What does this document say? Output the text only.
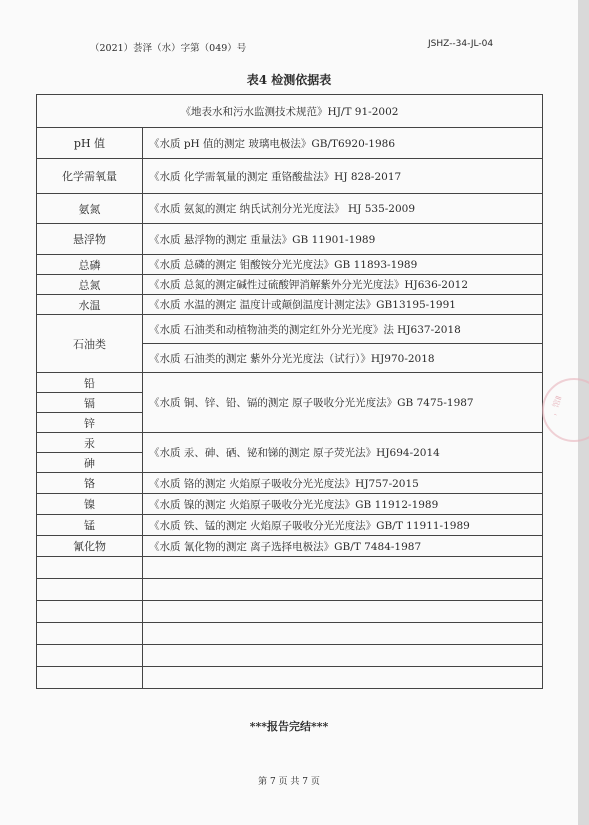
（2021）荟泽（水）字第（049）号	JSHZ--34-JL-04
表4 检测依据表
《地表水和污水监测技术规范》HJ/T 91-2002	
pH 值	《水质 pH 值的测定 玻璃电极法》GB/T6920-1986
化学需氧量	《水质 化学需氧量的测定 重铬酸盐法》HJ 828-2017
氨氮	《水质 氨氮的测定 纳氏试剂分光光度法》 HJ 535-2009
悬浮物	《水质 悬浮物的测定 重量法》GB 11901-1989
总磷	《水质 总磷的测定 钼酸铵分光光度法》GB 11893-1989
总氮	《水质 总氮的测定碱性过硫酸钾消解紫外分光光度法》HJ636-2012
水温	《水质 水温的测定 温度计或颠倒温度计测定法》GB13195-1991
石油类	《水质 石油类和动植物油类的测定红外分光光度》法 HJ637-2018
	《水质 石油类的测定 紫外分光光度法（试行）》HJ970-2018
铅	《水质 铜、锌、铅、镉的测定 原子吸收分光光度法》GB 7475-1987
镉	
锌	
汞	《水质 汞、砷、硒、铋和锑的测定 原子荧光法》HJ694-2014
砷	
铬	《水质 铬的测定 火焰原子吸收分光光度法》HJ757-2015
镍	《水质 镍的测定 火焰原子吸收分光光度法》GB 11912-1989
锰	《水质 铁、锰的测定 火焰原子吸收分光光度法》GB/T 11911-1989
氰化物	《水质 氰化物的测定 离子选择电极法》GB/T 7484-1987

***报告完结***
第 7 页 共 7 页
，馆Ⅱ
